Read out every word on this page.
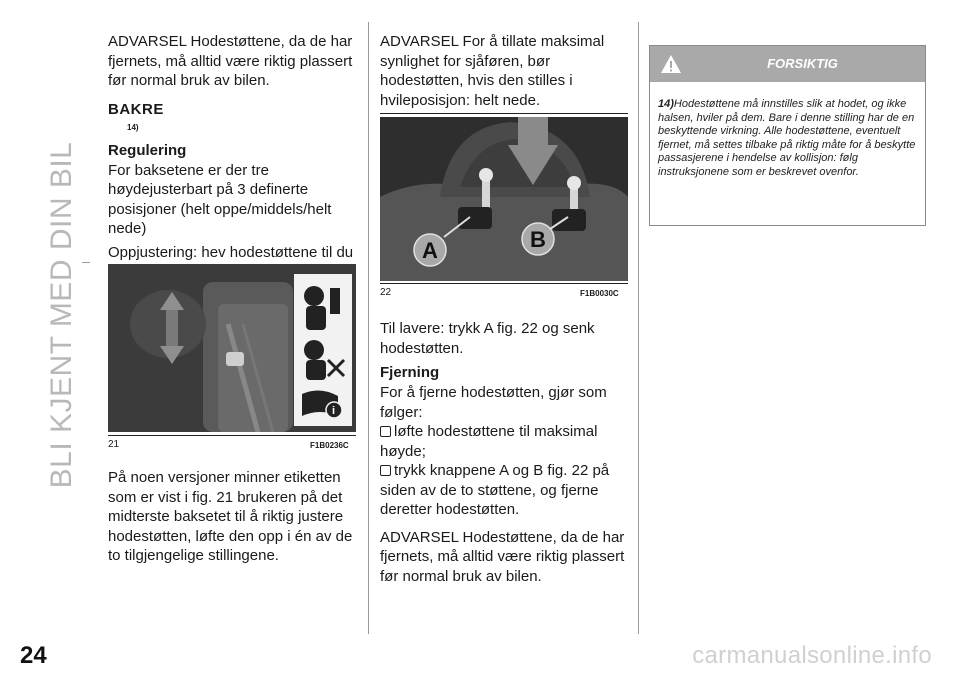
BLI KJENT MED DIN BIL

ADVARSEL Hodestøttene, da de har fjernets, må alltid være riktig plassert før normal bruk av bilen.

BAKRE
14)
Regulering

For baksetene er der tre høydejusterbart på 3 definerte posisjoner (helt oppe/middels/helt nede)

Oppjustering: hev hodestøttene til du

i
21	F1B0236C

På noen versjoner minner etiketten som er vist i fig. 21 brukeren på det midterste baksetet til å riktig justere hodestøtten, løfte den opp i én av de to tilgjengelige stillingene.

ADVARSEL For å tillate maksimal synlighet for sjåføren, bør hodestøtten, hvis den stilles i hvileposisjon: helt nede.

A	B
22	F1B0030C

Til lavere: trykk A fig. 22 og senk hodestøtten.

Fjerning

For å fjerne hodestøtten, gjør som følger:

løfte hodestøttene til maksimal høyde;

trykk knappene A og B fig. 22 på siden av de to støttene, og fjerne deretter hodestøtten.

ADVARSEL Hodestøttene, da de har fjernets, må alltid være riktig plassert før normal bruk av bilen.

FORSIKTIG
14)Hodestøttene må innstilles slik at hodet, og ikke halsen, hviler på dem. Bare i denne stilling har de en beskyttende virkning. Alle hodestøttene, eventuelt fjernet, må settes tilbake på riktig måte for å beskytte passasjerene i hendelse av kollisjon: følg instruksjonene som er beskrevet ovenfor.
24	carmanualsonline.info
